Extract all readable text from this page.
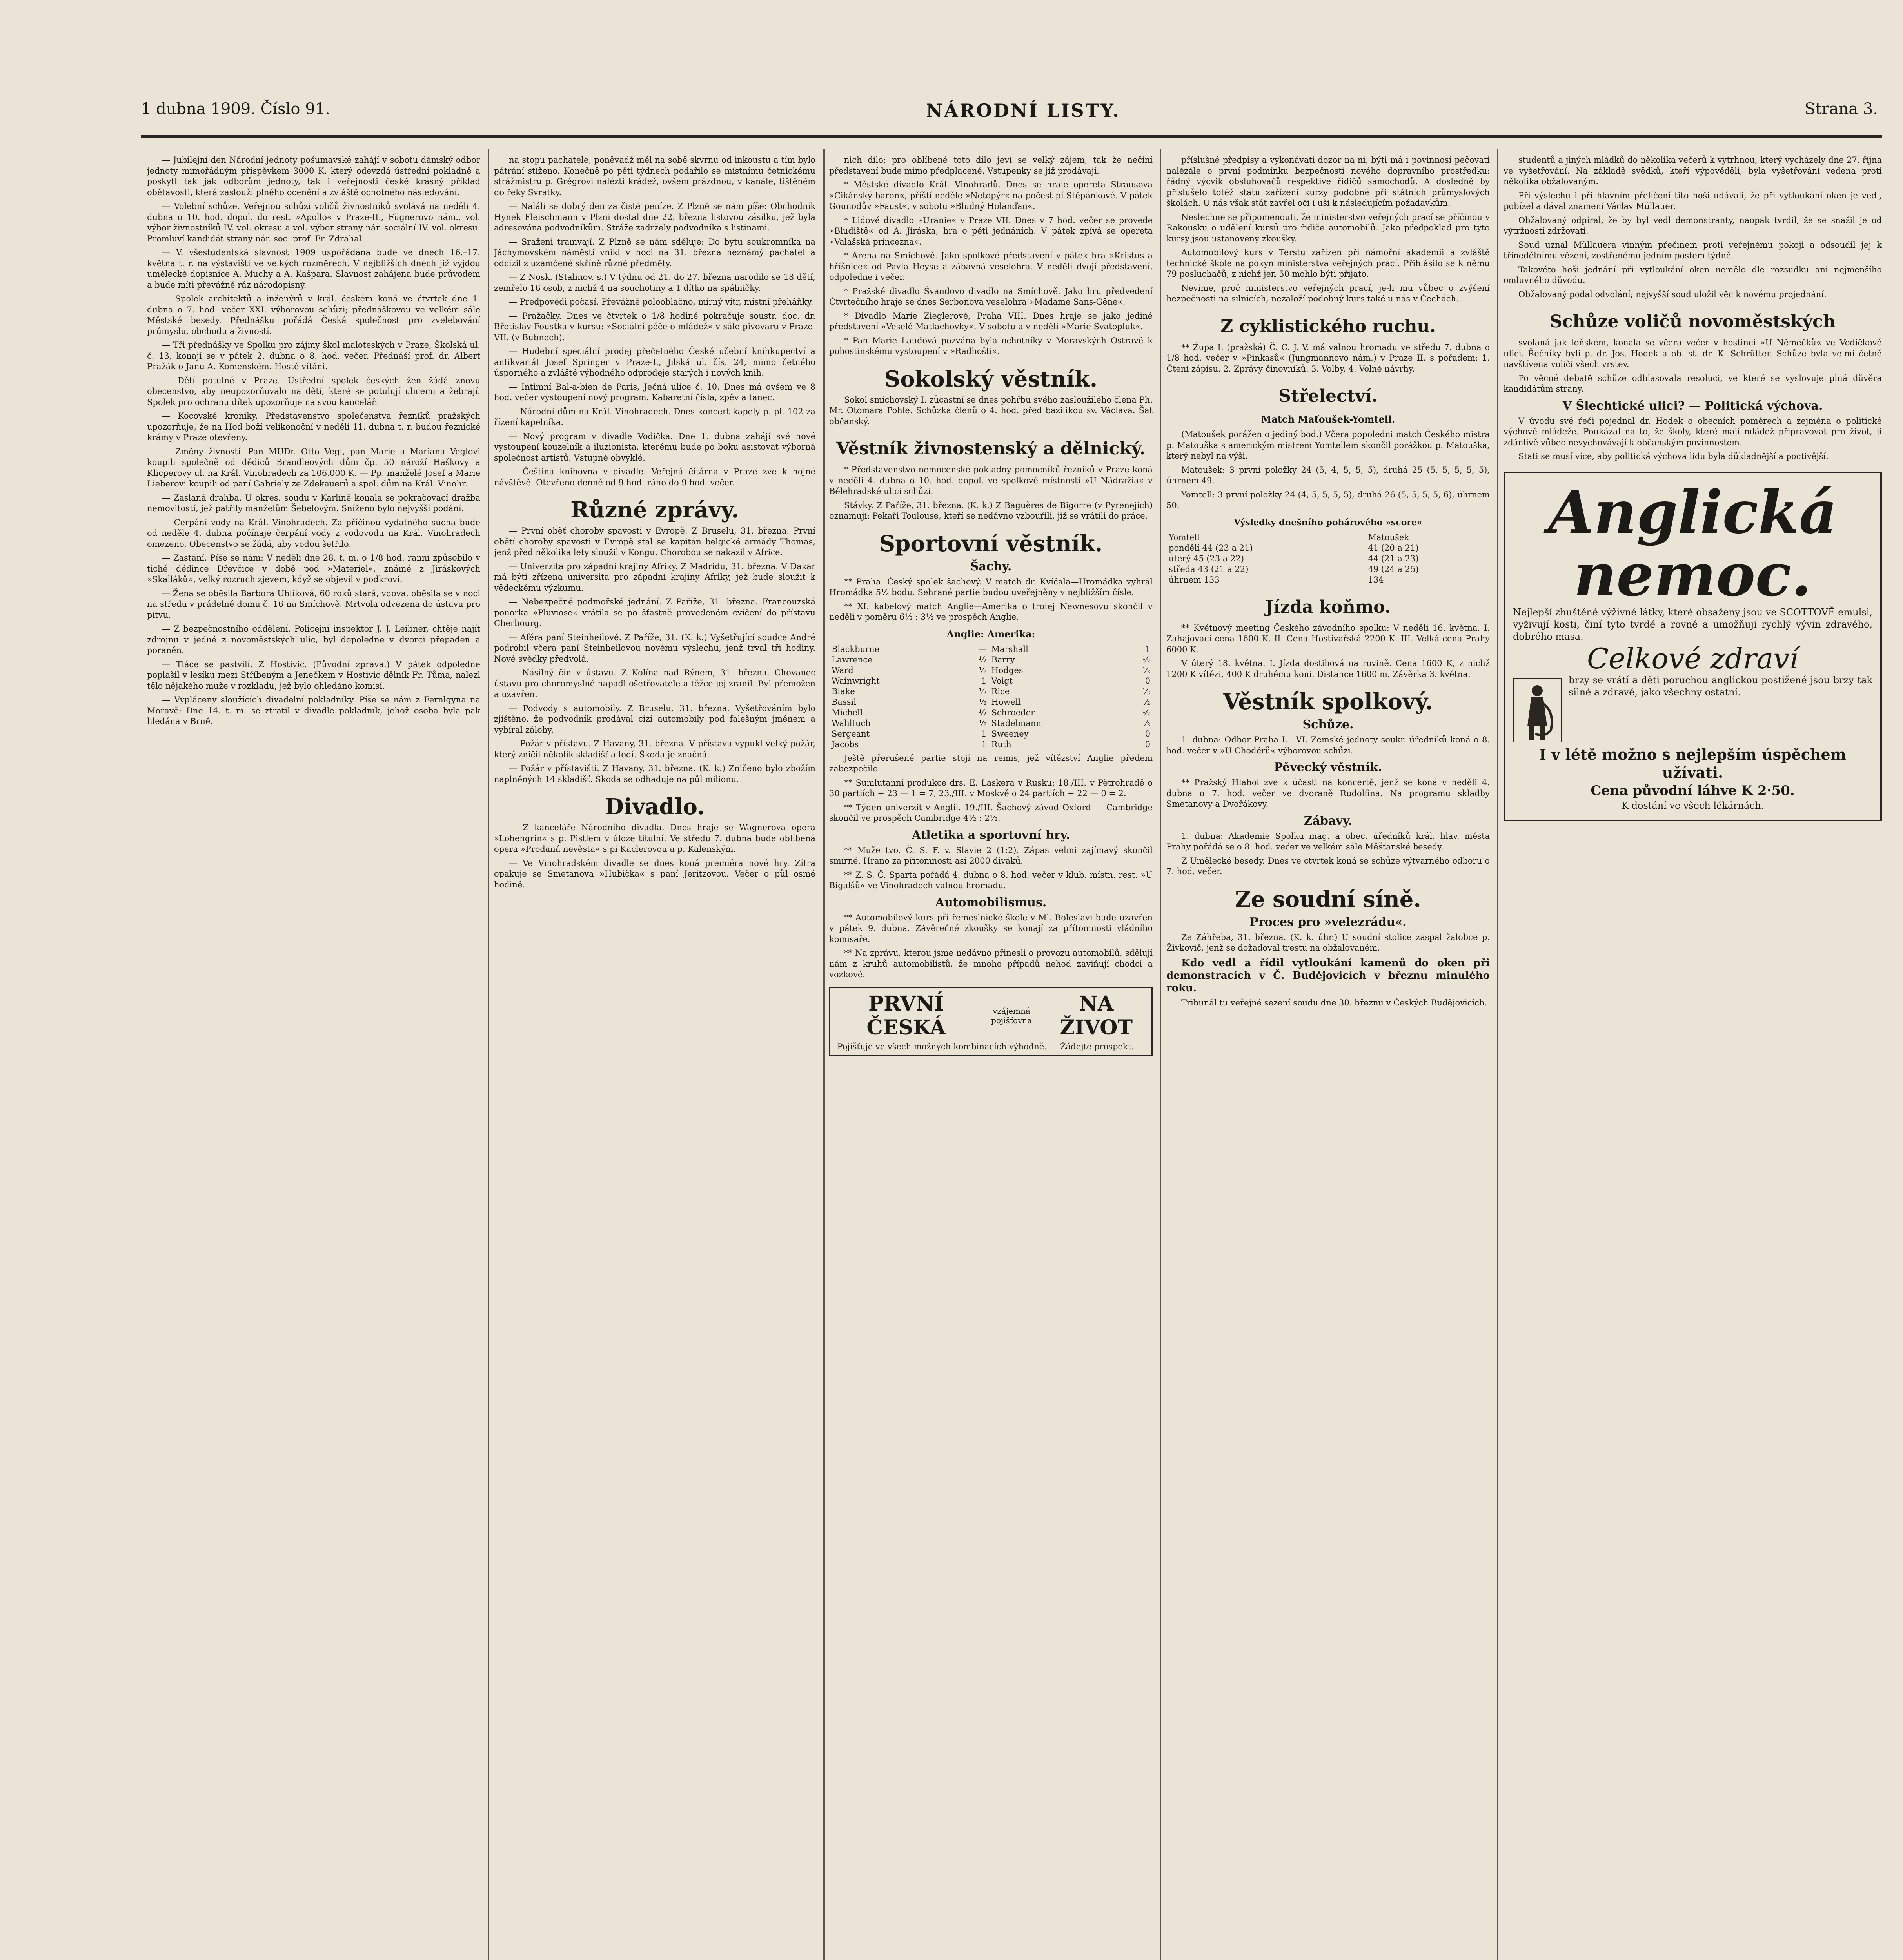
1 dubna 1909. Číslo 91.	NÁRODNÍ LISTY.	Strana 3.

— Jubilejní den Národní jednoty pošumavské zahájí v sobotu dámský odbor jednoty mimořádným příspěvkem 3000 K, který odevzdá ústřední pokladně a poskytl tak jak odborům jednoty, tak i veřejnosti české krásný příklad obětavosti, která zaslouží plného ocenění a zvláště ochotného následování.

— Volební schůze. Veřejnou schůzi voličů živnostníků svolává na neděli 4. dubna o 10. hod. dopol. do rest. »Apollo« v Praze-II., Fügnerovo nám., vol. výbor živnostníků IV. vol. okresu a vol. výbor strany nár. sociální IV. vol. okresu. Promluví kandidát strany nár. soc. prof. Fr. Zdrahal.

— V. všestudentská slavnost 1909 uspořádána bude ve dnech 16.–17. května t. r. na výstavišti ve velkých rozměrech. V nejbližších dnech již vyjdou umělecké dopisnice A. Muchy a A. Kašpara. Slavnost zahájena bude průvodem a bude míti převážně ráz národopisný.

— Spolek architektů a inženýrů v král. českém koná ve čtvrtek dne 1. dubna o 7. hod. večer XXI. výborovou schůzi; přednáškovou ve velkém sále Městské besedy. Přednášku pořádá Česká společnost pro zvelebování průmyslu, obchodu a živností.

— Tři přednášky ve Spolku pro zájmy škol maloteských v Praze, Školská ul. č. 13, konají se v pátek 2. dubna o 8. hod. večer. Přednáší prof. dr. Albert Pražák o Janu A. Komenském. Hosté vítáni.

— Dětí potulné v Praze. Ústřední spolek českých žen žádá znovu obecenstvo, aby neupozorňovalo na dětí, které se potulují ulicemi a žebrají. Spolek pro ochranu dítek upozorňuje na svou kancelář.

— Kocovské kroniky. Představenstvo společenstva řezníků pražských upozorňuje, že na Hod boží velikonoční v neděli 11. dubna t. r. budou řeznické krámy v Praze otevřeny.

— Změny živností. Pan MUDr. Otto Vegl, pan Marie a Mariana Veglovi koupili společně od dědiců Brandleových dům čp. 50 nároží Haškovy a Klicperovy ul. na Král. Vinohradech za 106.000 K. — Pp. manželé Josef a Marie Lieberovi koupili od paní Gabriely ze Zdekauerů a spol. dům na Král. Vinohr.

— Zaslaná drahba. U okres. soudu v Karlíně konala se pokračovací dražba nemovitostí, jež patřily manželům Šebelovým. Sníženo bylo nejvyšší podání.

— Cerpání vody na Král. Vinohradech. Za příčinou vydatného sucha bude od neděle 4. dubna počínaje čerpání vody z vodovodu na Král. Vinohradech omezeno. Obecenstvo se žádá, aby vodou šetřilo.

— Zastání. Píše se nám: V neděli dne 28. t. m. o 1/8 hod. ranní způsobilo v tiché dědince Dřevčice v době pod »Materiel«, známé z Jiráskových »Skalláků«, velký rozruch zjevem, když se objevil v podkroví.

— Žena se oběsila Barbora Uhlíková, 60 roků stará, vdova, oběsila se v noci na středu v prádelně domu č. 16 na Smíchově. Mrtvola odvezena do ústavu pro pitvu.

— Z bezpečnostního oddělení. Policejní inspektor J. J. Leibner, chtěje najít zdrojnu v jedné z novoměstských ulic, byl dopoledne v dvorci přepaden a poraněn.

— Tláce se pastvilí. Z Hostivic. (Původní zprava.) V pátek odpoledne poplašil v lesíku mezi Stříbeným a Jenečkem v Hostivic dělník Fr. Tůma, nalezl tělo nějakého muže v rozkladu, jež bylo ohledáno komisí.

— Vypláceny sloužících divadelní pokladníky. Píše se nám z Fernlgyna na Moravě: Dne 14. t. m. se ztratil v divadle pokladník, jehož osoba byla pak hledána v Brně.

na stopu pachatele, poněvadž měl na sobě skvrnu od inkoustu a tím bylo pátrání stíženo. Konečně po pěti týdnech podařilo se místnímu četnickému strážmistru p. Grégrovi nalézti krádež, ovšem prázdnou, v kanále, tištěném do řeky Svratky.

— Naláli se dobrý den za čisté peníze. Z Plzně se nám píše: Obchodník Hynek Fleischmann v Plzni dostal dne 22. března listovou zásilku, jež byla adresována podvodníkům. Stráže zadržely podvodníka s listinami.

— Sraženi tramvají. Z Plzně se nám sděluje: Do bytu soukromníka na Jáchymovském náměstí vnikl v noci na 31. března neznámý pachatel a odcizil z uzamčené skříně různé předměty.

— Z Nosk. (Stalinov. s.) V týdnu od 21. do 27. března narodilo se 18 dětí, zemřelo 16 osob, z nichž 4 na souchotiny a 1 dítko na spálničky.

— Předpovědi počasí. Převážně polooblačno, mírný vítr, místní přeháňky.

— Pražačky. Dnes ve čtvrtek o 1/8 hodině pokračuje soustr. doc. dr. Břetislav Foustka v kursu: »Sociální péče o mládež« v sále pivovaru v Praze-VII. (v Bubnech).

— Hudební speciální prodej přečetného České učební knihkupectví a antikvariát Josef Springer v Praze-I., Jilská ul. čís. 24, mimo četného úsporného a zvláště výhodného odprodeje starých i nových knih.

— Intimní Bal-a-bien de Paris, Ječná ulice č. 10. Dnes má ovšem ve 8 hod. večer vystoupení nový program. Kabaretní čísla, zpěv a tanec.

— Národní dům na Král. Vinohradech. Dnes koncert kapely p. pl. 102 za řízení kapelníka.

— Nový program v divadle Vodička. Dne 1. dubna zahájí své nové vystoupení kouzelník a iluzionista, kterému bude po boku asistovat výborná společnost artistů. Vstupné obvyklé.

— Čeština knihovna v divadle. Veřejná čítárna v Praze zve k hojné návštěvě. Otevřeno denně od 9 hod. ráno do 9 hod. večer.

Různé zprávy.

— První oběť choroby spavosti v Evropě. Z Bruselu, 31. března. První obětí choroby spavosti v Evropě stal se kapitán belgické armády Thomas, jenž před několika lety sloužil v Kongu. Chorobou se nakazil v Africe.

— Univerzita pro západní krajiny Afriky. Z Madridu, 31. března. V Dakar má býti zřízena universita pro západní krajiny Afriky, jež bude sloužit k vědeckému výzkumu.

— Nebezpečné podmořské jednání. Z Paříže, 31. března. Francouzská ponorka »Pluviose« vrátila se po šťastně provedeném cvičení do přístavu Cherbourg.

— Aféra paní Steinheilové. Z Paříže, 31. (K. k.) Vyšetřující soudce André podrobil včera paní Steinheilovou novému výslechu, jenž trval tři hodiny. Nové svědky předvolá.

— Násilný čin v ústavu. Z Kolína nad Rýnem, 31. března. Chovanec ústavu pro choromyslné napadl ošetřovatele a těžce jej zranil. Byl přemožen a uzavřen.

— Podvody s automobily. Z Bruselu, 31. března. Vyšetřováním bylo zjištěno, že podvodník prodával cizí automobily pod falešným jménem a vybíral zálohy.

— Požár v přístavu. Z Havany, 31. března. V přístavu vypukl velký požár, který zničil několik skladišť a lodí. Škoda je značná.

— Požár v přístavišti. Z Havany, 31. března. (K. k.) Zničeno bylo zbožím naplněných 14 skladišť. Škoda se odhaduje na půl milionu.

Divadlo.

— Z kanceláře Národního divadla. Dnes hraje se Wagnerova opera »Lohengrin« s p. Pistlem v úloze titulní. Ve středu 7. dubna bude oblíbená opera »Prodaná nevěsta« s pí Kaclerovou a p. Kalenským.

— Ve Vinohradském divadle se dnes koná premiéra nové hry. Zítra opakuje se Smetanova »Hubička« s paní Jeritzovou. Večer o půl osmé hodině.

nich dílo; pro oblíbené toto dílo jeví se velký zájem, tak že nečiní představení bude mimo předplacené. Vstupenky se již prodávají.

* Městské divadlo Král. Vinohradů. Dnes se hraje opereta Strausova »Cikánský baron«, příští neděle »Netopýr« na počest pí Stěpánkové. V pátek Gounodův »Faust«, v sobotu »Bludný Holanďan«.

* Lidové divadlo »Uranie« v Praze VII. Dnes v 7 hod. večer se provede »Bludiště« od A. Jiráska, hra o pěti jednáních. V pátek zpívá se opereta »Valašská princezna«.

* Arena na Smíchově. Jako spolkové představení v pátek hra »Kristus a hříšnice« od Pavla Heyse a zábavná veselohra. V neděli dvojí představení, odpoledne i večer.

* Pražské divadlo Švandovo divadlo na Smíchově. Jako hru předvedení Čtvrtečního hraje se dnes Serbonova veselohra »Madame Sans-Gêne«.

* Divadlo Marie Zieglerové, Praha VIII. Dnes hraje se jako jediné představení »Veselé Matlachovky«. V sobotu a v neděli »Marie Svatopluk«.

* Pan Marie Laudová pozvána byla ochotníky v Moravských Ostravě k pohostinskému vystoupení v »Radhošti«.

Sokolský věstník.

Sokol smíchovský I. zůčastní se dnes pohřbu svého zasloužilého člena Ph. Mr. Otomara Pohle. Schůzka členů o 4. hod. před bazilikou sv. Václava. Šat občanský.

Věstník živnostenský a dělnický.

* Představenstvo nemocenské pokladny pomocníků řezníků v Praze koná v neděli 4. dubna o 10. hod. dopol. ve spolkové místnosti »U Nádražia« v Bělehradské ulici schůzi.

Stávky. Z Paříže, 31. března. (K. k.) Z Baguères de Bigorre (v Pyrenejích) oznamují: Pekaři Toulouse, kteří se nedávno vzbouřili, již se vrátili do práce.

Sportovní věstník.
Šachy.

** Praha. Český spolek šachový. V match dr. Kvíčala—Hromádka vyhrál Hromádka 5½ bodu. Sehrané partie budou uveřejněny v nejbližším čísle.

** XI. kabelový match Anglie—Amerika o trofej Newnesovu skončil v neděli v poměru 6½ : 3½ ve prospěch Anglie.

Anglie: Amerika:
Blackburne	—	Marshall	1
Lawrence	½	Barry	½
Ward	½	Hodges	½
Wainwright	1	Voigt	0
Blake	½	Rice	½
Bassil	½	Howell	½
Michell	½	Schroeder	½
Wahltuch	½	Stadelmann	½
Sergeant	1	Sweeney	0
Jacobs	1	Ruth	0

Ještě přerušené partie stojí na remis, jež vítězství Anglie předem zabezpečilo.

** Sumlutanní produkce drs. E. Laskera v Rusku: 18./III. v Pětrohradě o 30 partiích + 23 — 1 = 7, 23./III. v Moskvě o 24 partiích + 22 — 0 = 2.

** Týden univerzit v Anglii. 19./III. Šachový závod Oxford — Cambridge skončil ve prospěch Cambridge 4½ : 2½.

Atletika a sportovní hry.

** Muže tvo. Č. S. F. v. Slavie 2 (1:2). Zápas velmi zajímavý skončil smírně. Hráno za přítomnosti asi 2000 diváků.

** Z. S. Č. Sparta pořádá 4. dubna o 8. hod. večer v klub. místn. rest. »U Bigalšů« ve Vinohradech valnou hromadu.

Automobilismus.

** Automobilový kurs při řemeslnické škole v Ml. Boleslavi bude uzavřen v pátek 9. dubna. Závěrečné zkoušky se konají za přítomnosti vládního komisaře.

** Na zprávu, kterou jsme nedávno přinesli o provozu automobilů, sdělují nám z kruhů automobilistů, že mnoho případů nehod zaviňují chodci a vozkové.

PRVNÍ ČESKÁ
vzájemná pojišťovna
NA ŽIVOT
Pojišťuje ve všech možných kombinacích výhodně. — Žádejte prospekt. —

příslušné předpisy a vykonávati dozor na ni, býti má i povinnosí pečovati nalézále o první podmínku bezpečnosti nového dopravního prostředku: řádný výcvik obsluhovačů respektive řidičů samochodů. A dosledně by příslušelo totéž státu zařízení kurzy podobné při státních průmyslových školách. U nás však stát zavřel oči i uši k následujícím požadavkům.

Neslechne se připomenouti, že ministerstvo veřejných prací se příčinou v Rakousku o udělení kursů pro řidiče automobilů. Jako předpoklad pro tyto kursy jsou ustanoveny zkoušky.

Automobilový kurs v Terstu zařízen při námořní akademii a zvláště technické škole na pokyn ministerstva veřejných prací. Přihlásilo se k němu 79 posluchačů, z nichž jen 50 mohlo býti přijato.

Nevíme, proč ministerstvo veřejných prací, je-li mu vůbec o zvýšení bezpečnosti na silnicích, nezaloží podobný kurs také u nás v Čechách.

Z cyklistického ruchu.

** Župa I. (pražská) Č. C. J. V. má valnou hromadu ve středu 7. dubna o 1/8 hod. večer v »Pinkasů« (Jungmannovo nám.) v Praze II. s pořadem: 1. Čtení zápisu. 2. Zprávy činovníků. 3. Volby. 4. Volné návrhy.

Střelectví.
Match Maťoušek-Yomtell.

(Matoušek porážen o jediný bod.) Včera popoledni match Českého mistra p. Matouška s americkým mistrem Yomtellem skončil porážkou p. Matouška, který nebyl na výši.

Matoušek: 3 první položky 24 (5, 4, 5, 5, 5), druhá 25 (5, 5, 5, 5, 5), úhrnem 49.

Yomtell: 3 první položky 24 (4, 5, 5, 5, 5), druhá 26 (5, 5, 5, 5, 6), úhrnem 50.

Výsledky dnešního pohárového »score«
Yomtell	Matoušek
pondělí 44 (23 a 21)	41 (20 a 21)
úterý 45 (23 a 22)	44 (21 a 23)
středa 43 (21 a 22)	49 (24 a 25)
úhrnem 133	134
Jízda koňmo.

** Květnový meeting Českého závodního spolku: V neděli 16. května. I. Zahajovací cena 1600 K. II. Cena Hostivařská 2200 K. III. Velká cena Prahy 6000 K.

V úterý 18. května. I. Jízda dostihová na rovině. Cena 1600 K, z nichž 1200 K vítězi, 400 K druhému koni. Distance 1600 m. Závěrka 3. května.

Věstník spolkový.
Schůze.

1. dubna: Odbor Praha I.—VI. Zemské jednoty soukr. úředníků koná o 8. hod. večer v »U Choděrů« výborovou schůzi.

Pěvecký věstník.

** Pražský Hlahol zve k účasti na koncertě, jenž se koná v neděli 4. dubna o 7. hod. večer ve dvoraně Rudolfina. Na programu skladby Smetanovy a Dvořákovy.

Zábavy.

1. dubna: Akademie Spolku mag. a obec. úředníků král. hlav. města Prahy pořádá se o 8. hod. večer ve velkém sále Měšťanské besedy.

Z Umělecké besedy. Dnes ve čtvrtek koná se schůze výtvarného odboru o 7. hod. večer.

Ze soudní síně.
Proces pro »velezrádu«.

Ze Záhřeba, 31. března. (K. k. úhr.) U soudní stolice zaspal žalobce p. Živkovič, jenž se dožadoval trestu na obžalovaném.

Kdo vedl a řídil vytloukání kamenů do oken při demonstracích v Č. Budějovicích v březnu minulého roku.

Tribunál tu veřejné sezení soudu dne 30. březnu v Českých Budějovicích.

studentů a jiných mládků do několika večerů k vytrhnou, který vycházely dne 27. října ve vyšetřování. Na základě svědků, kteří výpověděli, byla vyšetřování vedena proti několika obžalovaným.

Při výslechu i při hlavním přelíčení tito hoši udávali, že při vytloukání oken je vedl, pobízel a dával znamení Václav Müllauer.

Obžalovaný odpíral, že by byl vedl demonstranty, naopak tvrdil, že se snažil je od výtržností zdržovati.

Soud uznal Müllauera vinným přečinem proti veřejnému pokoji a odsoudil jej k třínedělnímu vězení, zostřenému jedním postem týdně.

Takovéto hoši jednání při vytloukání oken nemělo dle rozsudku ani nejmenšího omluvného důvodu.

Obžalovaný podal odvolání; nejvyšší soud uložil věc k novému projednání.

Schůze voličů novoměstských

svolaná jak loňském, konala se včera večer v hostinci »U Němečků« ve Vodičkově ulici. Řečníky byli p. dr. Jos. Hodek a ob. st. dr. K. Schrütter. Schůze byla velmi četně navštívena voliči všech vrstev.

Po věcné debatě schůze odhlasovala resoluci, ve které se vyslovuje plná důvěra kandidátům strany.

V Šlechtické ulici? — Politická výchova.

V úvodu své řeči pojednal dr. Hodek o obecních poměrech a zejména o politické výchově mládeže. Poukázal na to, že školy, které mají mládež připravovat pro život, ji zdánlivě vůbec nevychovávají k občanským povinnostem.

Stati se musí více, aby politická výchova lidu byla důkladnější a poctivější.

Anglická nemoc.
Nejlepší zhuštěné výživné látky, které obsaženy jsou ve SCOTTOVĚ emulsi, vyživují kosti, činí tyto tvrdé a rovné a umožňují rychlý vývin zdravého, dobrého masa.
Celkové zdraví
brzy se vrátí a děti poruchou anglickou postižené jsou brzy tak silné a zdravé, jako všechny ostatní.
I v létě možno s nejlepším úspěchem užívati.
Cena původní láhve K 2·50.
K dostání ve všech lékárnách.
